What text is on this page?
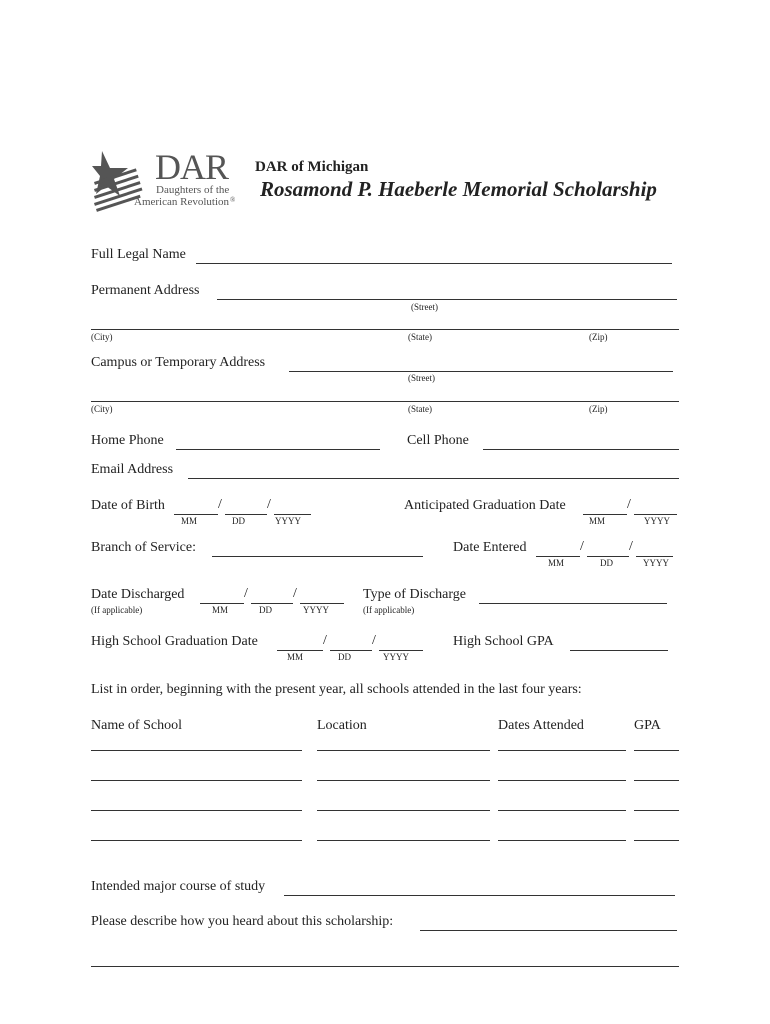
DAR
Daughters of the
American Revolution ®
DAR of Michigan
Rosamond P. Haeberle Memorial Scholarship
Full Legal Name
Permanent Address
(Street)
(City)	(State)	(Zip)
Campus or Temporary Address
(Street)
(City)	(State)	(Zip)
Home Phone	Cell Phone
Email Address
Date of Birth	/	/
MM	DD	YYYY
Anticipated Graduation Date	/
MM	YYYY
Branch of Service:	Date Entered	/	/
MM	DD	YYYY
Date Discharged
(If applicable)
/	/
MM	DD	YYYY
Type of Discharge
(If applicable)
High School Graduation Date	/	/
MM	DD	YYYY
High School GPA
List in order, beginning with the present year, all schools attended in the last four years:
Name of School	Location	Dates Attended	GPA
Intended major course of study
Please describe how you heard about this scholarship:
